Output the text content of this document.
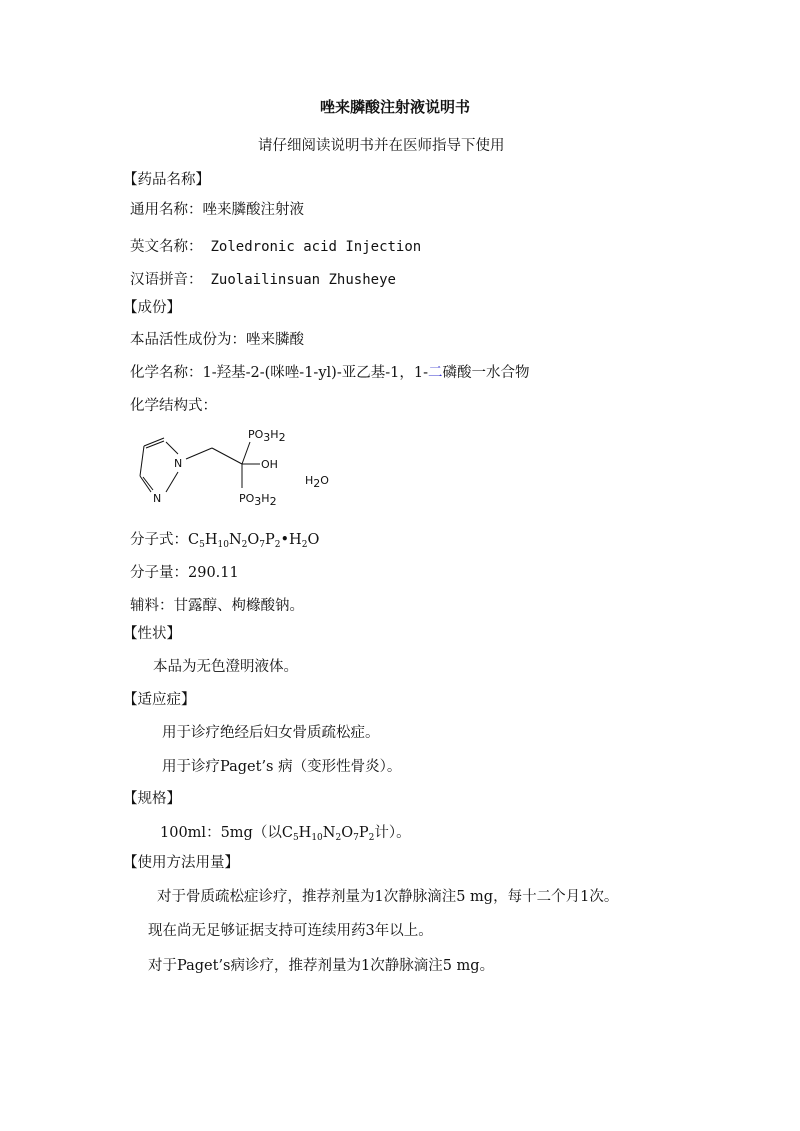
唑来膦酸注射液说明书
请仔细阅读说明书并在医师指导下使用
【药品名称】
通用名称：唑来膦酸注射液
英文名称： Zoledronic acid Injection
汉语拼音： Zuolailinsuan Zhusheye
【成份】
本品活性成份为：唑来膦酸
化学名称：1-羟基-2-(咪唑-1-yl)-亚乙基-1，1-二磷酸一水合物
化学结构式：
N
N
PO3H2
OH
PO3H2
H2O
分子式：$C_5H_{10}N_2O_7P_2•H_2O$
分子量：290.11
辅料：甘露醇、枸橼酸钠。
【性状】
本品为无色澄明液体。
【适应症】
用于诊疗绝经后妇女骨质疏松症。
用于诊疗Paget’s 病（变形性骨炎）。
【规格】
100ml：5mg（以$C_5H_{10}N_2O_7P_2$计）。
【使用方法用量】
对于骨质疏松症诊疗，推荐剂量为1次静脉滴注5 mg，每十二个月1次。
现在尚无足够证据支持可连续用药3年以上。
对于Paget’s病诊疗，推荐剂量为1次静脉滴注5 mg。
